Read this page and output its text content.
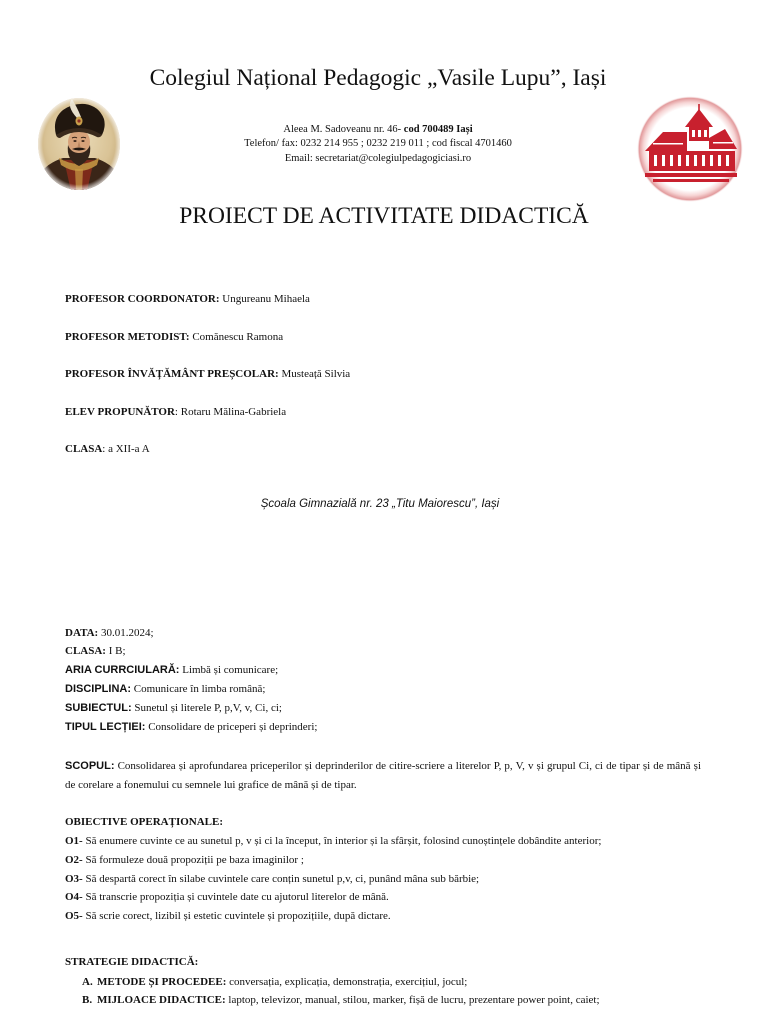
Colegiul Național Pedagogic „Vasile Lupu”, Iași
Aleea M. Sadoveanu nr. 46- cod 700489 Iași
Telefon/ fax: 0232 214 955 ; 0232 219 011 ; cod fiscal 4701460
Email: secretariat@colegiulpedagogiciasi.ro
PROIECT DE ACTIVITATE DIDACTICĂ
PROFESOR COORDONATOR: Ungureanu Mihaela
PROFESOR METODIST: Comănescu Ramona
PROFESOR ÎNVĂȚĂMÂNT PREȘCOLAR: Musteață Silvia
ELEV PROPUNĂTOR: Rotaru Mălina-Gabriela
CLASA: a XII-a A
Școala Gimnazială nr. 23 „Titu Maiorescu”, Iași
DATA: 30.01.2024;
CLASA: I B;
ARIA CURRCIULARĂ: Limbă și comunicare;
DISCIPLINA: Comunicare în limba română;
SUBIECTUL: Sunetul și literele P, p,V, v, Ci, ci;
TIPUL LECȚIEI: Consolidare de priceperi și deprinderi;
SCOPUL: Consolidarea și aprofundarea priceperilor și deprinderilor de citire-scriere a literelor P, p, V, v și grupul Ci, ci de tipar și de mână și
de corelare a fonemului cu semnele lui grafice de mână și de tipar.
OBIECTIVE OPERAȚIONALE:
O1- Să enumere cuvinte ce au sunetul p, v și ci la început, în interior și la sfârșit, folosind cunoștințele dobândite anterior;
O2- Să formuleze două propoziții pe baza imaginilor ;
O3- Să despartă corect în silabe cuvintele care conțin sunetul p,v, ci, punând mâna sub bărbie;
O4- Să transcrie propoziția și cuvintele date cu ajutorul literelor de mână.
O5- Să scrie corect, lizibil și estetic cuvintele și propozițiile, după dictare.
STRATEGIE DIDACTICĂ:
A. METODE ȘI PROCEDEE: conversația, explicația, demonstrația, exercițiul, jocul;
B. MIJLOACE DIDACTICE: laptop, televizor, manual, stilou, marker, fișă de lucru, prezentare power point, caiet;
